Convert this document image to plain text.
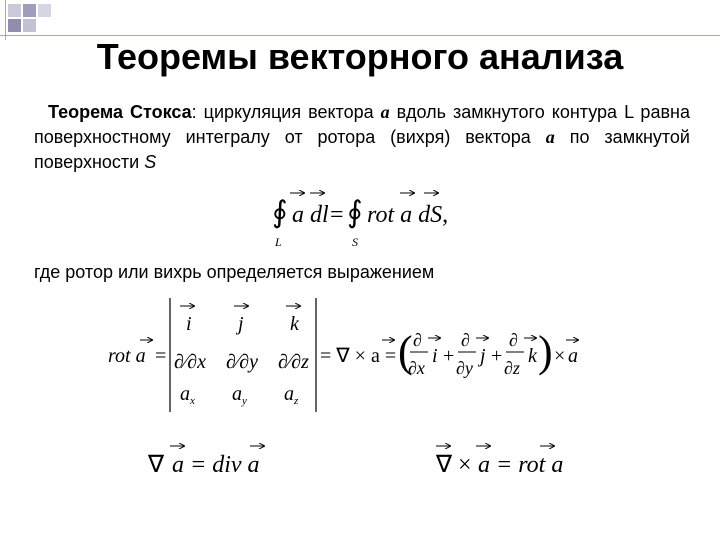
Теоремы векторного анализа
Теорема Стокса: циркуляция вектора a вдоль замкнутого контура L равна поверхностному интегралу от ротора (вихря) вектора a по замкнутой поверхности S
∮
L
a dl = ∮
S
rot a dS,
где ротор или вихрь определяется выражением
rot a =
i j k
∂⁄∂x ∂⁄∂y ∂⁄∂z
$a_x$ $a_y$ $a_z$
= ∇ × a = ( ∂
∂x
i +
∂
∂y
j +
∂
∂z
k ) × a
∇ a = div a	∇ × a = rot a
